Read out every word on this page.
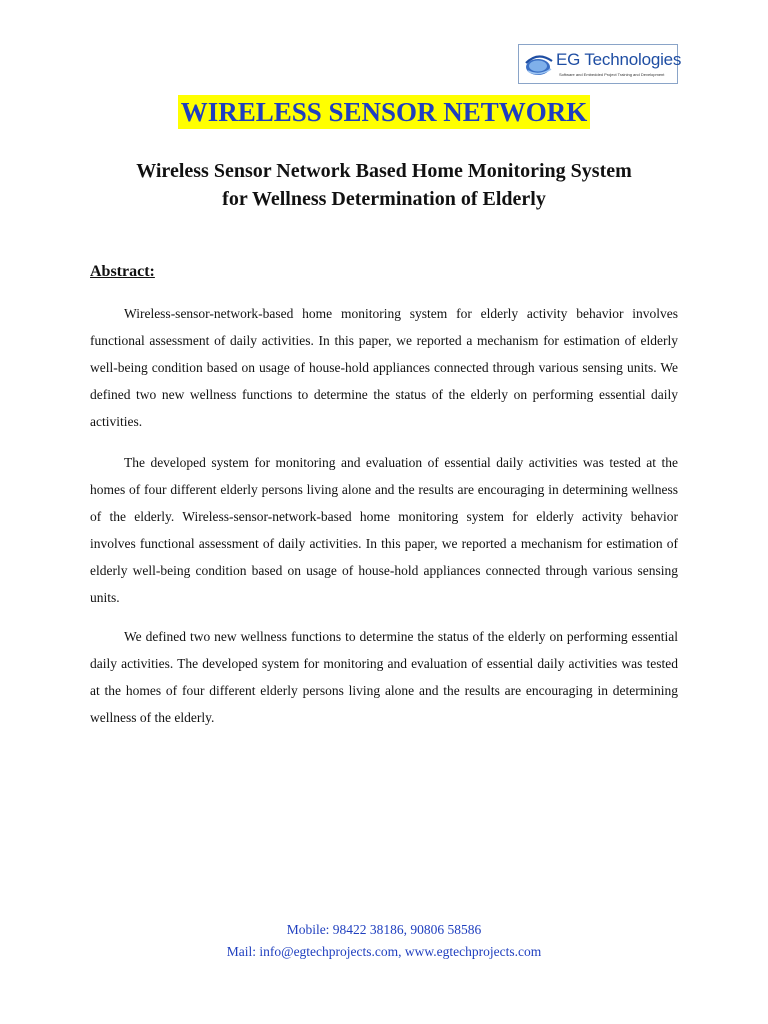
EG Technologies
Software and Embedded Project Training and Development
WIRELESS SENSOR NETWORK
Wireless Sensor Network Based Home Monitoring System
for Wellness Determination of Elderly
Abstract:

Wireless-sensor-network-based home monitoring system for elderly activity behavior involves functional assessment of daily activities. In this paper, we reported a mechanism for estimation of elderly well-being condition based on usage of house-hold appliances connected through various sensing units. We defined two new wellness functions to determine the status of the elderly on performing essential daily activities.

The developed system for monitoring and evaluation of essential daily activities was tested at the homes of four different elderly persons living alone and the results are encouraging in determining wellness of the elderly. Wireless-sensor-network-based home monitoring system for elderly activity behavior involves functional assessment of daily activities. In this paper, we reported a mechanism for estimation of elderly well-being condition based on usage of house-hold appliances connected through various sensing units.

We defined two new wellness functions to determine the status of the elderly on performing essential daily activities. The developed system for monitoring and evaluation of essential daily activities was tested at the homes of four different elderly persons living alone and the results are encouraging in determining wellness of the elderly.

Mobile: 98422 38186, 90806 58586
Mail: info@egtechprojects.com, www.egtechprojects.com
